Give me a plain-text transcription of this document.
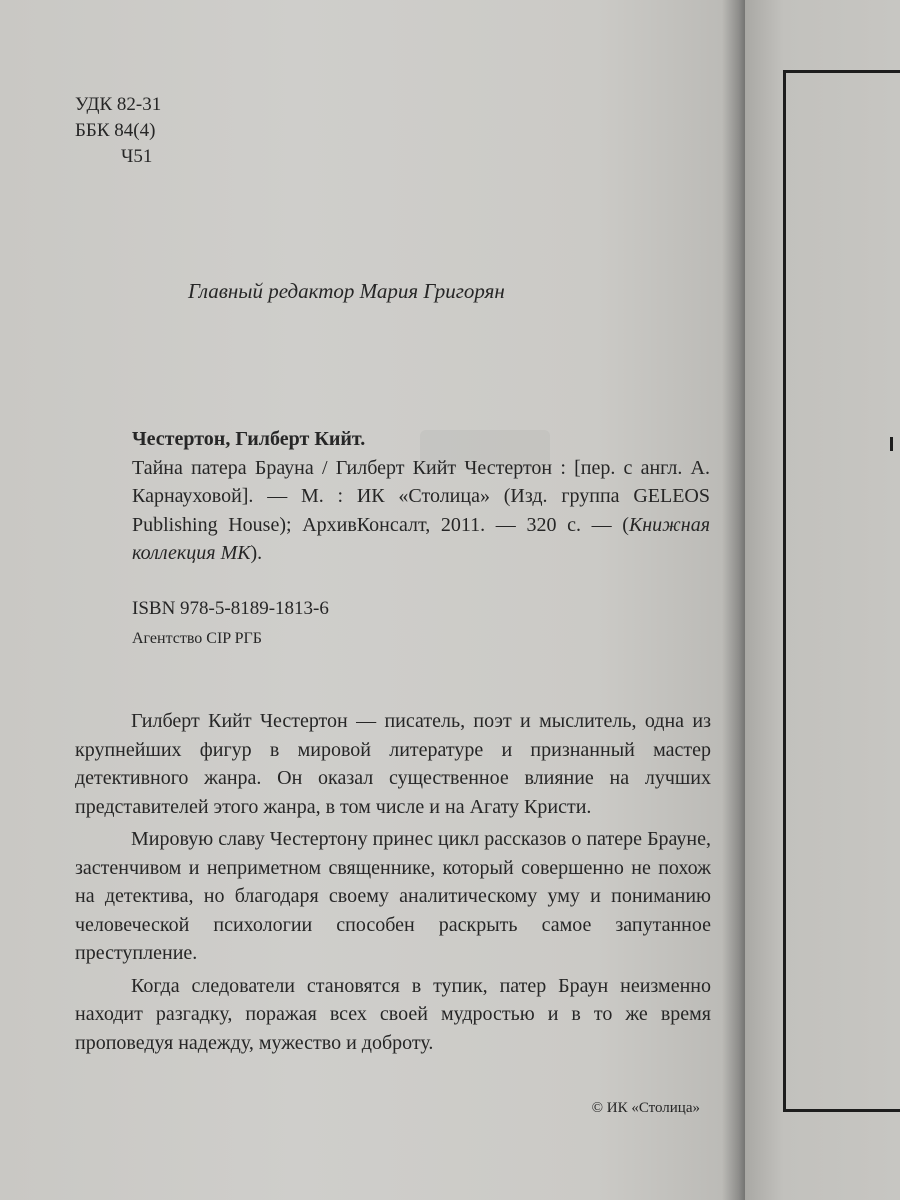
УДК 82-31
ББК 84(4)
Ч51
Главный редактор Мария Григорян
Честертон, Гилберт Кийт.
Тайна патера Брауна / Гилберт Кийт Честертон : [пер. с англ. А. Карнауховой]. — М. : ИК «Столица» (Изд. группа GELEOS Publishing House); АрхивКонсалт, 2011. — 320 с. — (Книжная коллекция МК).
ISBN 978-5-8189-1813-6
Агентство CIP РГБ

Гилберт Кийт Честертон — писатель, поэт и мыслитель, одна из крупнейших фигур в мировой литературе и признанный мастер детективного жанра. Он оказал существенное влияние на лучших представителей этого жанра, в том числе и на Агату Кристи.

Мировую славу Честертону принес цикл рассказов о патере Брауне, застенчивом и неприметном священнике, который совершенно не похож на детектива, но благодаря своему аналитическому уму и пониманию человеческой психологии способен раскрыть самое запутанное преступление.

Когда следователи становятся в тупик, патер Браун неизменно находит разгадку, поражая всех своей мудростью и в то же время проповедуя надежду, мужество и доброту.

© ИК «Столица»
